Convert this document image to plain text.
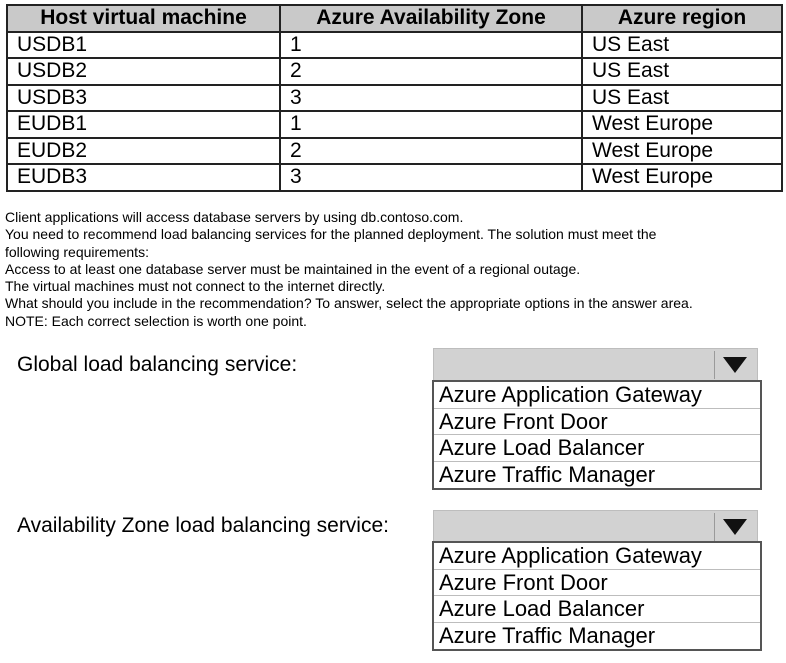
Host virtual machine	Azure Availability Zone	Azure region
USDB1	1	US East
USDB2	2	US East
USDB3	3	US East
EUDB1	1	West Europe
EUDB2	2	West Europe
EUDB3	3	West Europe
Client applications will access database servers by using db.contoso.com.
You need to recommend load balancing services for the planned deployment. The solution must meet the
following requirements:
Access to at least one database server must be maintained in the event of a regional outage.
The virtual machines must not connect to the internet directly.
What should you include in the recommendation? To answer, select the appropriate options in the answer area.
NOTE: Each correct selection is worth one point.
Global load balancing service:
Azure Application Gateway
Azure Front Door
Azure Load Balancer
Azure Traffic Manager
Availability Zone load balancing service:
Azure Application Gateway
Azure Front Door
Azure Load Balancer
Azure Traffic Manager
